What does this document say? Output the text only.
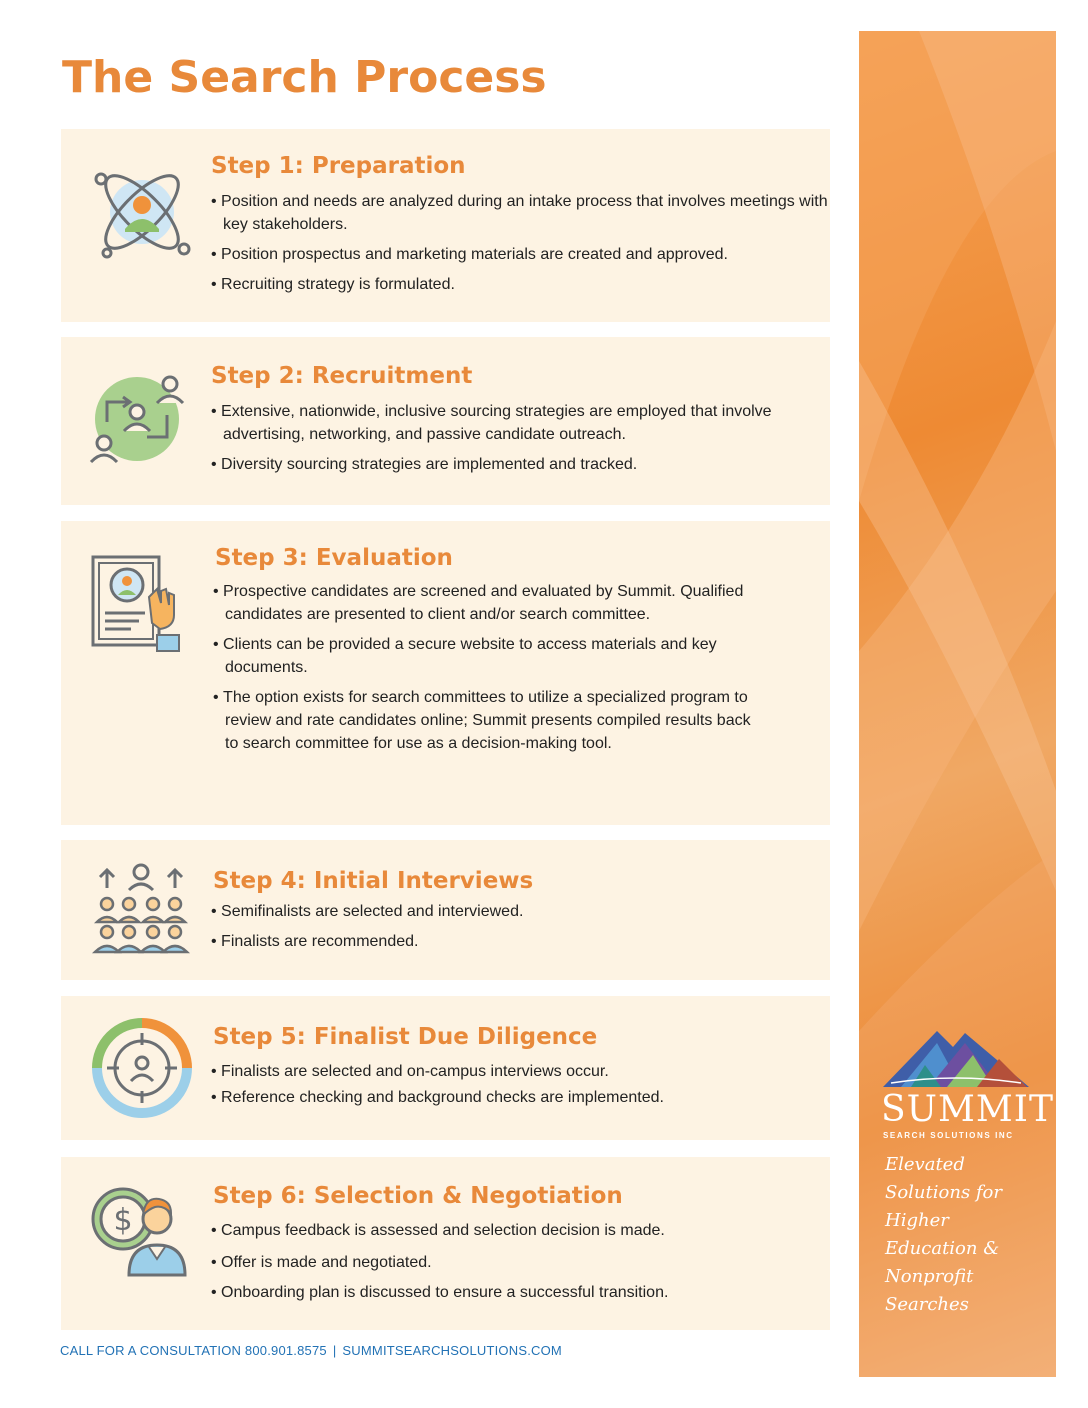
The Search Process
Step 1: Preparation
• Position and needs are analyzed during an intake process that involves meetings with key stakeholders.
• Position prospectus and marketing materials are created and approved.
• Recruiting strategy is formulated.
Step 2: Recruitment
• Extensive, nationwide, inclusive sourcing strategies are employed that involve advertising, networking, and passive candidate outreach.
• Diversity sourcing strategies are implemented and tracked.
Step 3: Evaluation
• Prospective candidates are screened and evaluated by Summit. Qualified candidates are presented to client and/or search committee.
• Clients can be provided a secure website to access materials and key documents.
• The option exists for search committees to utilize a specialized program to review and rate candidates online; Summit presents compiled results back to search committee for use as a decision-making tool.
Step 4: Initial Interviews
• Semifinalists are selected and interviewed.
• Finalists are recommended.
Step 5: Finalist Due Diligence
• Finalists are selected and on-campus interviews occur.
• Reference checking and background checks are implemented.
$
Step 6: Selection & Negotiation
• Campus feedback is assessed and selection decision is made.
• Offer is made and negotiated.
• Onboarding plan is discussed to ensure a successful transition.

SUMMIT

SEARCH SOLUTIONS INC

Elevated Solutions for Higher Education & Nonprofit Searches

CALL FOR A CONSULTATION 800.901.8575 | SUMMITSEARCHSOLUTIONS.COM
